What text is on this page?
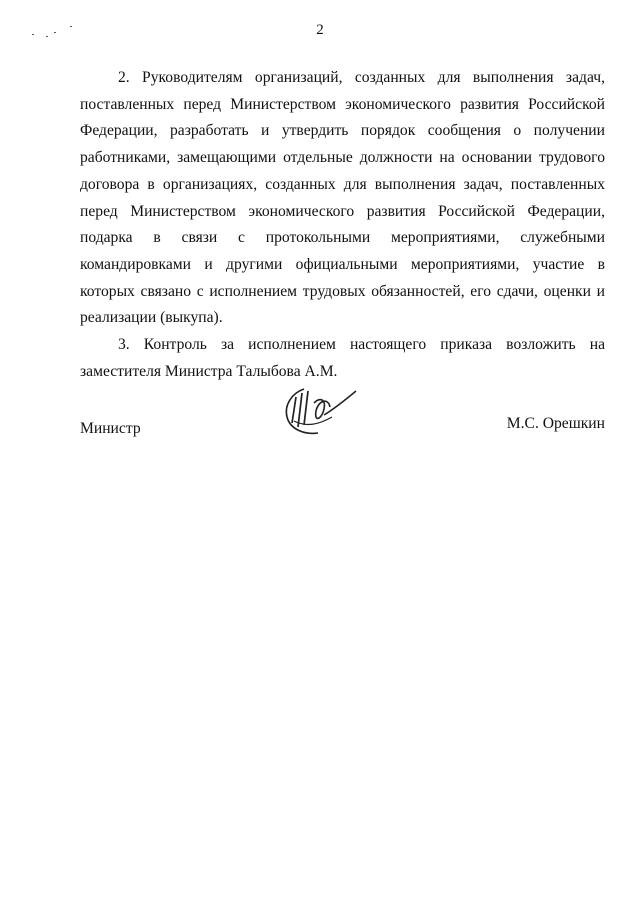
2

2. Руководителям организаций, созданных для выполнения задач, поставленных перед Министерством экономического развития Российской Федерации, разработать и утвердить порядок сообщения о получении работниками, замещающими отдельные должности на основании трудового договора в организациях, созданных для выполнения задач, поставленных перед Министерством экономического развития Российской Федерации, подарка в связи с протокольными мероприятиями, служебными командировками и другими официальными мероприятиями, участие в которых связано с исполнением трудовых обязанностей, его сдачи, оценки и реализации (выкупа).

3. Контроль за исполнением настоящего приказа возложить на заместителя Министра Талыбова А.М.

Министр	М.С. Орешкин
